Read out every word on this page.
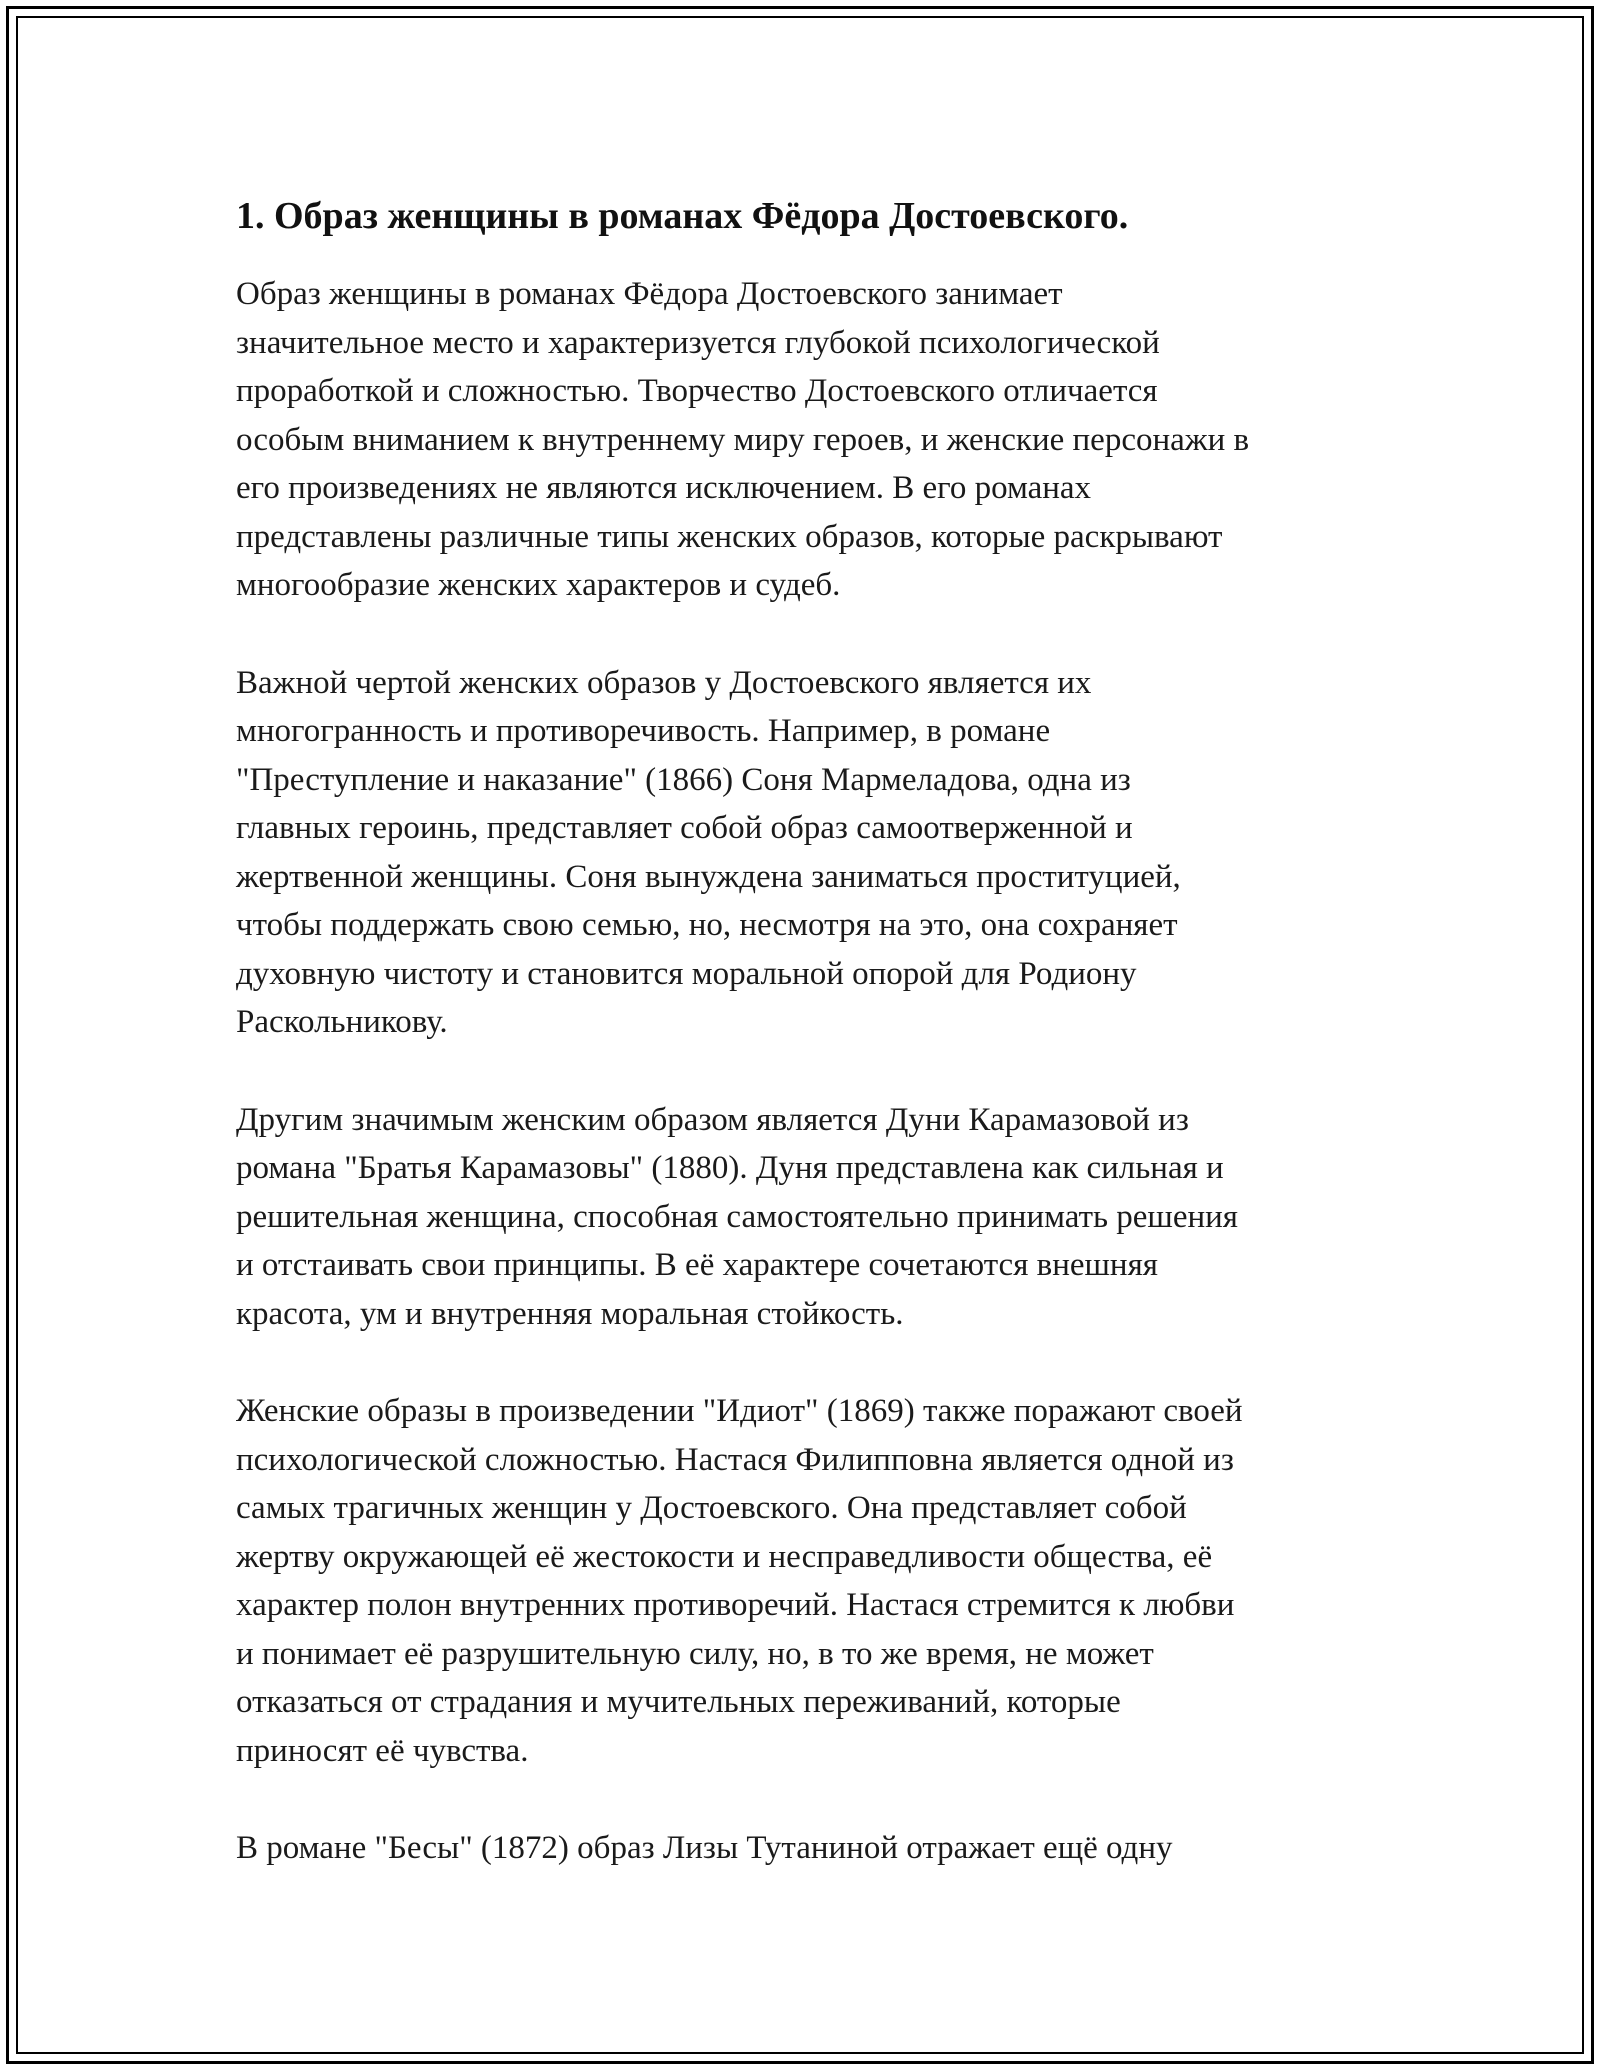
1. Образ женщины в романах Фёдора Достоевского.

Образ женщины в романах Фёдора Достоевского занимает
значительное место и характеризуется глубокой психологической
проработкой и сложностью. Творчество Достоевского отличается
особым вниманием к внутреннему миру героев, и женские персонажи в
его произведениях не являются исключением. В его романах
представлены различные типы женских образов, которые раскрывают
многообразие женских характеров и судеб.

Важной чертой женских образов у Достоевского является их
многогранность и противоречивость. Например, в романе
"Преступление и наказание" (1866) Соня Мармеладова, одна из
главных героинь, представляет собой образ самоотверженной и
жертвенной женщины. Соня вынуждена заниматься проституцией,
чтобы поддержать свою семью, но, несмотря на это, она сохраняет
духовную чистоту и становится моральной опорой для Родиону
Раскольникову.

Другим значимым женским образом является Дуни Карамазовой из
романа "Братья Карамазовы" (1880). Дуня представлена как сильная и
решительная женщина, способная самостоятельно принимать решения
и отстаивать свои принципы. В её характере сочетаются внешняя
красота, ум и внутренняя моральная стойкость.

Женские образы в произведении "Идиот" (1869) также поражают своей
психологической сложностью. Настася Филипповна является одной из
самых трагичных женщин у Достоевского. Она представляет собой
жертву окружающей её жестокости и несправедливости общества, её
характер полон внутренних противоречий. Настася стремится к любви
и понимает её разрушительную силу, но, в то же время, не может
отказаться от страдания и мучительных переживаний, которые
приносят её чувства.

В романе "Бесы" (1872) образ Лизы Тутаниной отражает ещё одну
